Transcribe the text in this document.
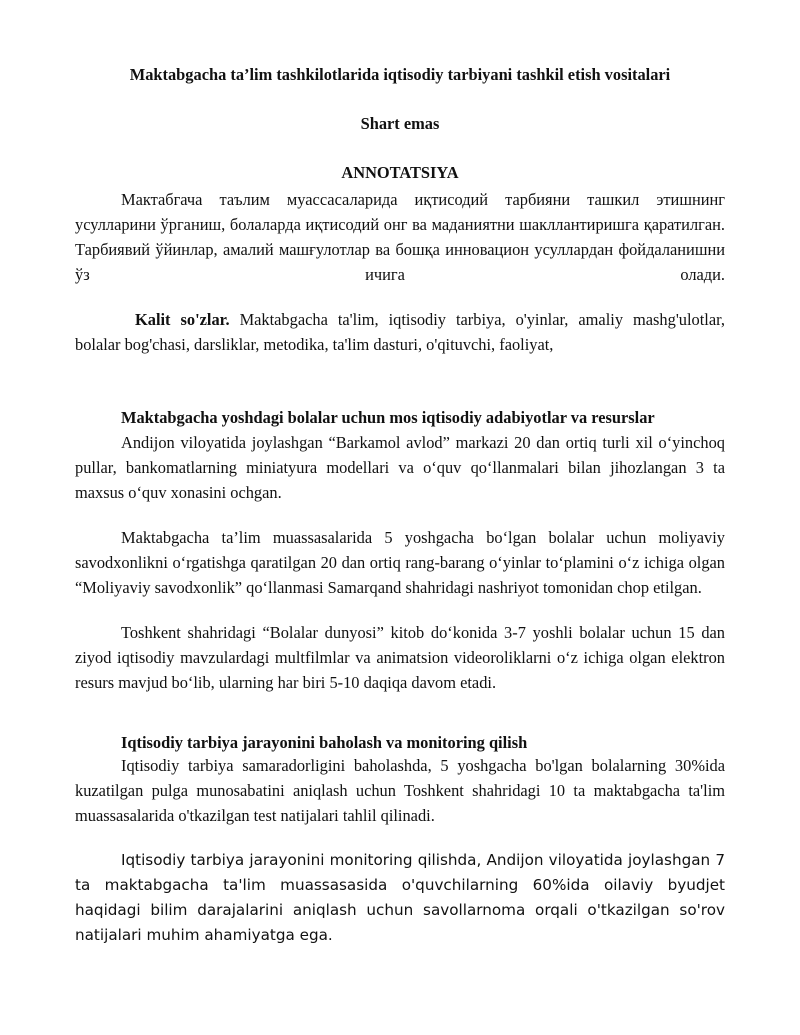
Maktabgacha ta’lim tashkilotlarida iqtisodiy tarbiyani tashkil etish vositalari
Shart emas
ANNOTATSIYA

Мактабгача таълим муассасаларида иқтисодий тарбияни ташкил этишнинг усулларини ўрганиш, болаларда иқтисодий онг ва маданиятни шакллантиришга қаратилган. Тарбиявий ўйинлар, амалий машғулотлар ва бошқа инновацион усуллардан фойдаланишни ўз ичига олади.

Kalit so'zlar. Maktabgacha ta'lim, iqtisodiy tarbiya, o'yinlar, amaliy mashg'ulotlar, bolalar bog'chasi, darsliklar, metodika, ta'lim dasturi, o'qituvchi, faoliyat,

Maktabgacha yoshdagi bolalar uchun mos iqtisodiy adabiyotlar va resurslar

Andijon viloyatida joylashgan “Barkamol avlod” markazi 20 dan ortiq turli xil o‘yinchoq pullar, bankomatlarning miniatyura modellari va o‘quv qo‘llanmalari bilan jihozlangan 3 ta maxsus o‘quv xonasini ochgan.

Maktabgacha ta’lim muassasalarida 5 yoshgacha bo‘lgan bolalar uchun moliyaviy savodxonlikni o‘rgatishga qaratilgan 20 dan ortiq rang-barang o‘yinlar to‘plamini o‘z ichiga olgan “Moliyaviy savodxonlik” qo‘llanmasi Samarqand shahridagi nashriyot tomonidan chop etilgan.

Toshkent shahridagi “Bolalar dunyosi” kitob do‘konida 3-7 yoshli bolalar uchun 15 dan ziyod iqtisodiy mavzulardagi multfilmlar va animatsion videoroliklarni o‘z ichiga olgan elektron resurs mavjud bo‘lib, ularning har biri 5-10 daqiqa davom etadi.

Iqtisodiy tarbiya jarayonini baholash va monitoring qilish

Iqtisodiy tarbiya samaradorligini baholashda, 5 yoshgacha bo'lgan bolalarning 30%ida kuzatilgan pulga munosabatini aniqlash uchun Toshkent shahridagi 10 ta maktabgacha ta'lim muassasalarida o'tkazilgan test natijalari tahlil qilinadi.

Iqtisodiy tarbiya jarayonini monitoring qilishda, Andijon viloyatida joylashgan 7 ta maktabgacha ta'lim muassasasida o'quvchilarning 60%ida oilaviy byudjet haqidagi bilim darajalarini aniqlash uchun savollarnoma orqali o'tkazilgan so'rov natijalari muhim ahamiyatga ega.
